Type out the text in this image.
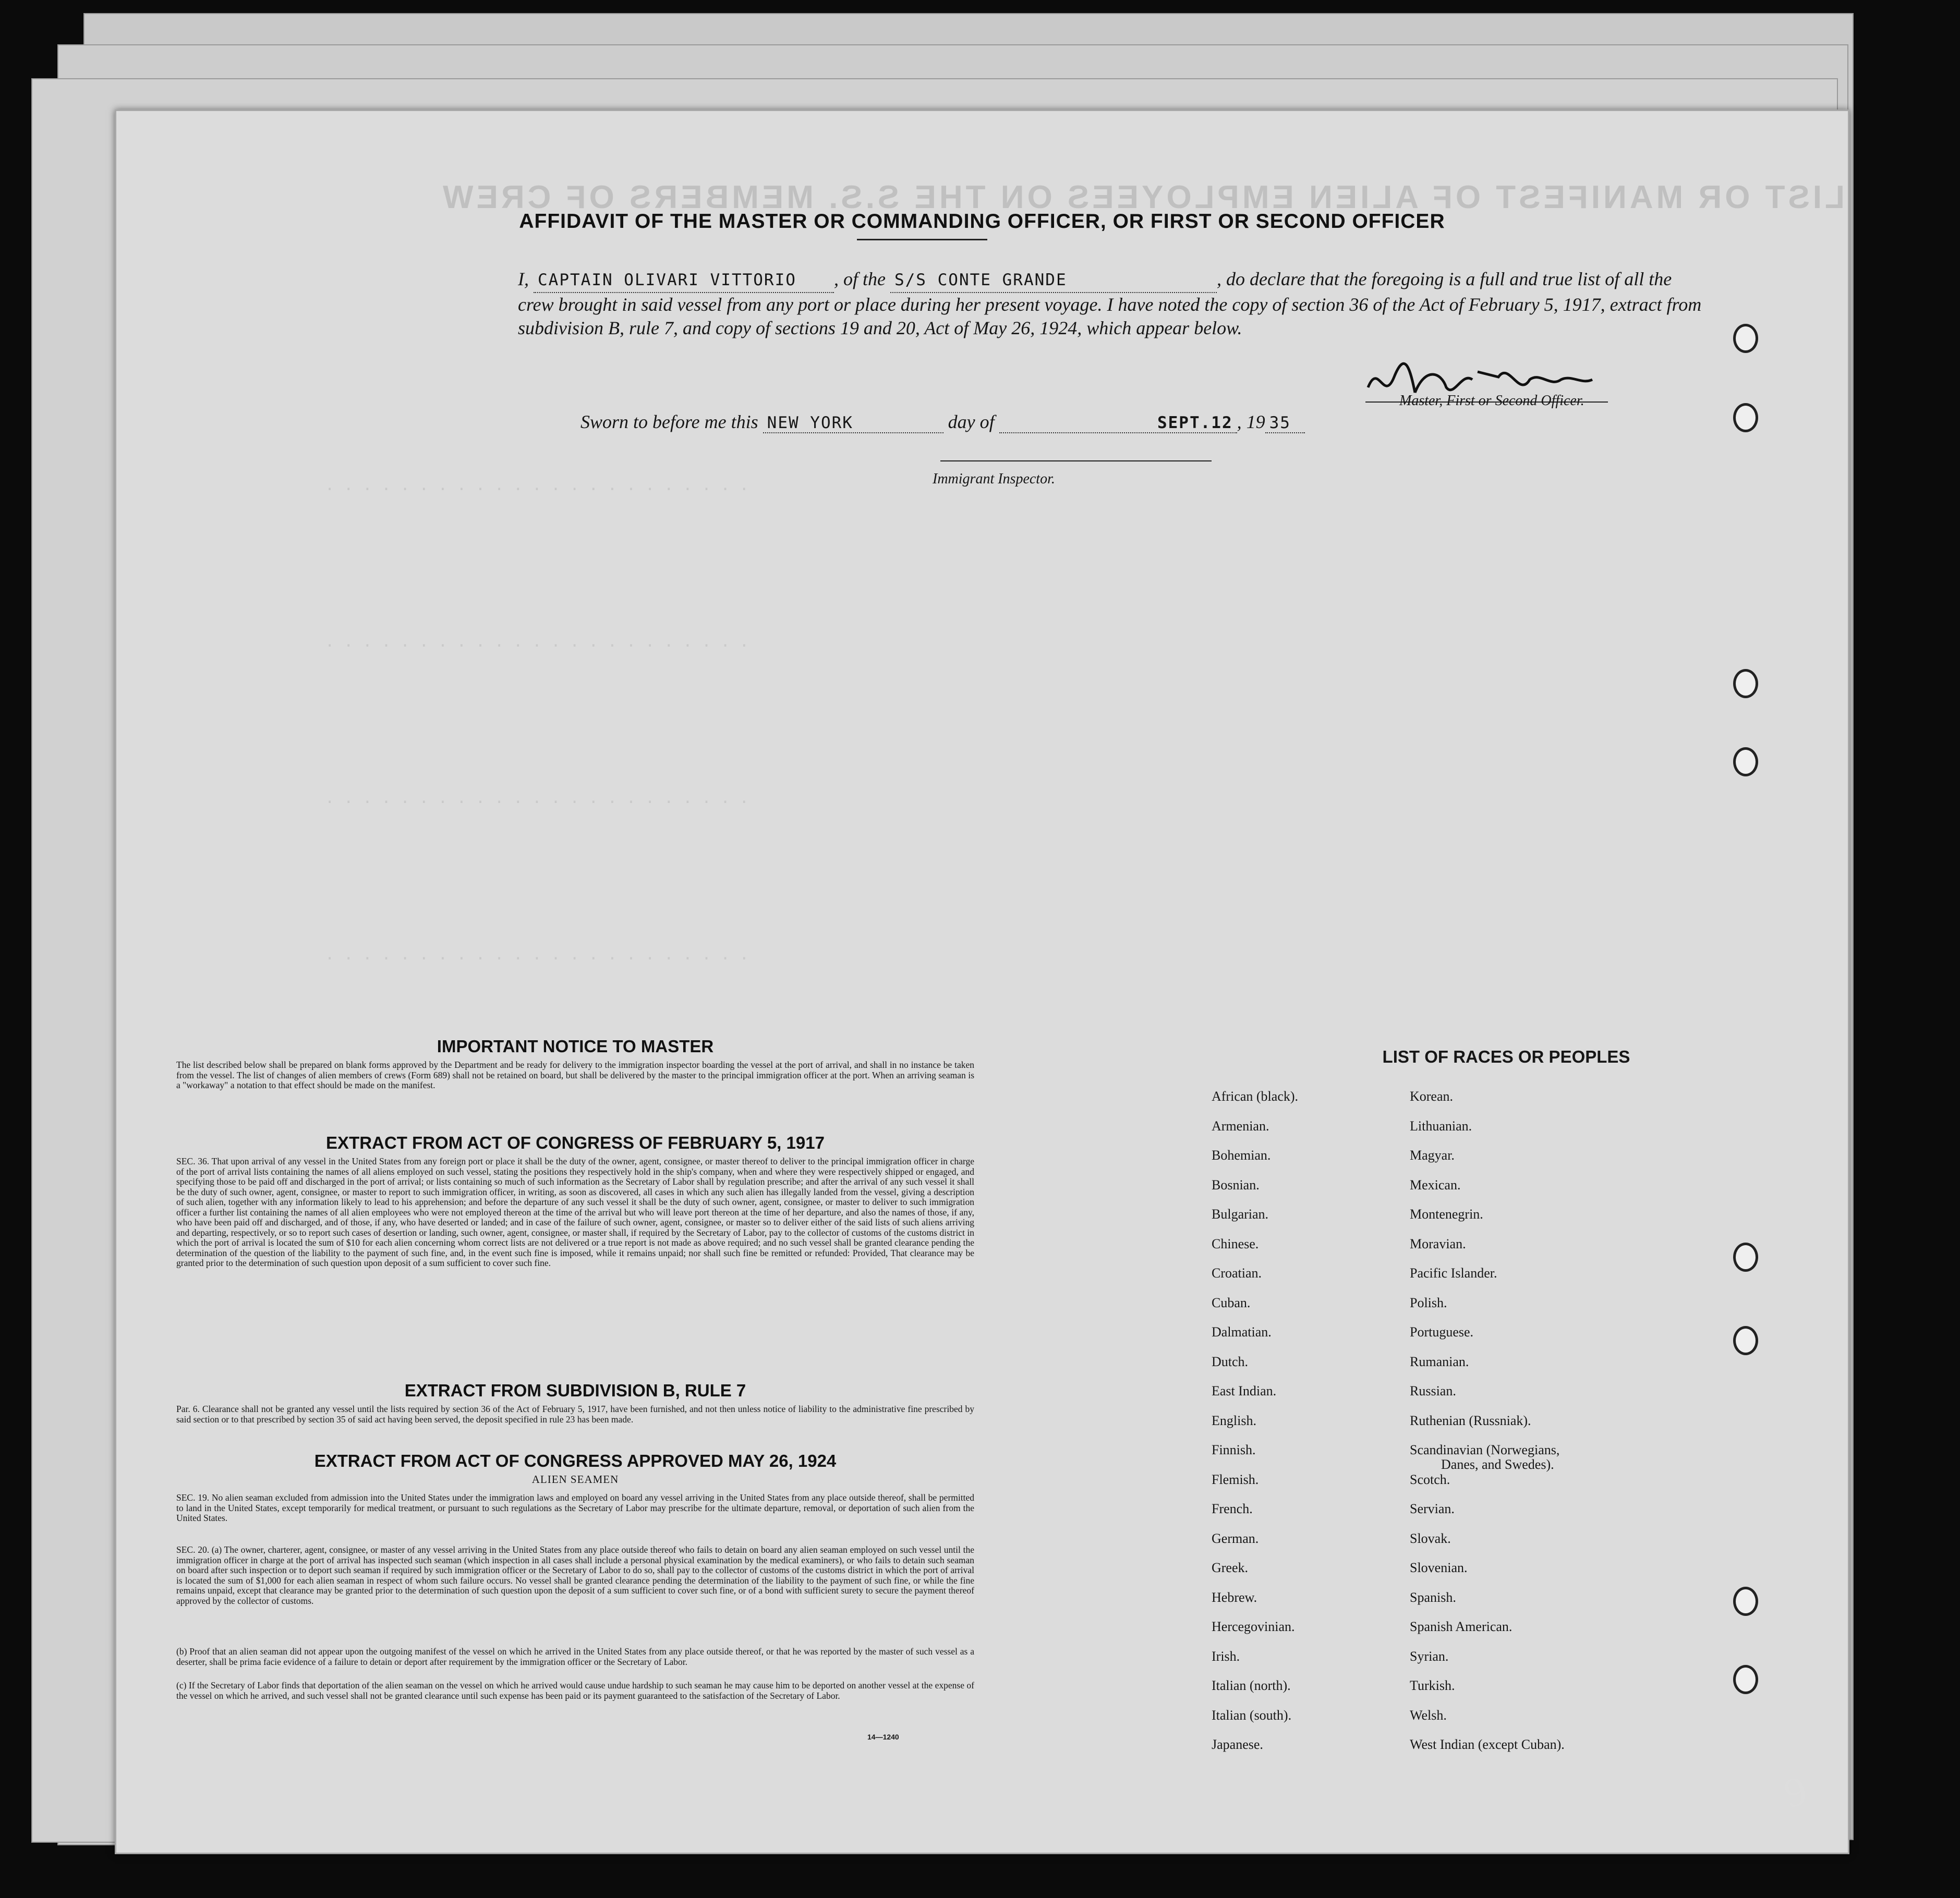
LIST OR MANIFEST OF ALIEN EMPLOYEES ON THE S.S. MEMBERS OF CREW
. . . . . . . . . . . . . . . . . . . . . . .
. . . . . . . . . . . . . . . . . . . . . . .
. . . . . . . . . . . . . . . . . . . . . . .
. . . . . . . . . . . . . . . . . . . . . . .
AFFIDAVIT OF THE MASTER OR COMMANDING OFFICER, OR FIRST OR SECOND OFFICER
I, CAPTAIN OLIVARI VITTORIO , of the S/S CONTE GRANDE	, do declare that the foregoing is a full and true list of all the crew brought in said vessel from any port or place during her present voyage. I have noted the copy of section 36 of the Act of February 5, 1917, extract from subdivision B, rule 7, and copy of sections 19 and 20, Act of May 26, 1924, which appear below.
Master, First or Second Officer.
Sworn to before me this NEW YORK	day of	SEPT.12 , 19 35
Immigrant Inspector.
IMPORTANT NOTICE TO MASTER
The list described below shall be prepared on blank forms approved by the Department and be ready for delivery to the immigration inspector boarding the vessel at the port of arrival, and shall in no instance be taken from the vessel. The list of changes of alien members of crews (Form 689) shall not be retained on board, but shall be delivered by the master to the principal immigration officer at the port. When an arriving seaman is a "workaway" a notation to that effect should be made on the manifest.
EXTRACT FROM ACT OF CONGRESS OF FEBRUARY 5, 1917
SEC. 36. That upon arrival of any vessel in the United States from any foreign port or place it shall be the duty of the owner, agent, consignee, or master thereof to deliver to the principal immigration officer in charge of the port of arrival lists containing the names of all aliens employed on such vessel, stating the positions they respectively hold in the ship's company, when and where they were respectively shipped or engaged, and specifying those to be paid off and discharged in the port of arrival; or lists containing so much of such information as the Secretary of Labor shall by regulation prescribe; and after the arrival of any such vessel it shall be the duty of such owner, agent, consignee, or master to report to such immigration officer, in writing, as soon as discovered, all cases in which any such alien has illegally landed from the vessel, giving a description of such alien, together with any information likely to lead to his apprehension; and before the departure of any such vessel it shall be the duty of such owner, agent, consignee, or master to deliver to such immigration officer a further list containing the names of all alien employees who were not employed thereon at the time of the arrival but who will leave port thereon at the time of her departure, and also the names of those, if any, who have been paid off and discharged, and of those, if any, who have deserted or landed; and in case of the failure of such owner, agent, consignee, or master so to deliver either of the said lists of such aliens arriving and departing, respectively, or so to report such cases of desertion or landing, such owner, agent, consignee, or master shall, if required by the Secretary of Labor, pay to the collector of customs of the customs district in which the port of arrival is located the sum of $10 for each alien concerning whom correct lists are not delivered or a true report is not made as above required; and no such vessel shall be granted clearance pending the determination of the question of the liability to the payment of such fine, and, in the event such fine is imposed, while it remains unpaid; nor shall such fine be remitted or refunded: Provided, That clearance may be granted prior to the determination of such question upon deposit of a sum sufficient to cover such fine.
EXTRACT FROM SUBDIVISION B, RULE 7
Par. 6. Clearance shall not be granted any vessel until the lists required by section 36 of the Act of February 5, 1917, have been furnished, and not then unless notice of liability to the administrative fine prescribed by said section or to that prescribed by section 35 of said act having been served, the deposit specified in rule 23 has been made.
EXTRACT FROM ACT OF CONGRESS APPROVED MAY 26, 1924
ALIEN SEAMEN
SEC. 19. No alien seaman excluded from admission into the United States under the immigration laws and employed on board any vessel arriving in the United States from any place outside thereof, shall be permitted to land in the United States, except temporarily for medical treatment, or pursuant to such regulations as the Secretary of Labor may prescribe for the ultimate departure, removal, or deportation of such alien from the United States.
SEC. 20. (a) The owner, charterer, agent, consignee, or master of any vessel arriving in the United States from any place outside thereof who fails to detain on board any alien seaman employed on such vessel until the immigration officer in charge at the port of arrival has inspected such seaman (which inspection in all cases shall include a personal physical examination by the medical examiners), or who fails to detain such seaman on board after such inspection or to deport such seaman if required by such immigration officer or the Secretary of Labor to do so, shall pay to the collector of customs of the customs district in which the port of arrival is located the sum of $1,000 for each alien seaman in respect of whom such failure occurs. No vessel shall be granted clearance pending the determination of the liability to the payment of such fine, or while the fine remains unpaid, except that clearance may be granted prior to the determination of such question upon the deposit of a sum sufficient to cover such fine, or of a bond with sufficient surety to secure the payment thereof approved by the collector of customs.
(b) Proof that an alien seaman did not appear upon the outgoing manifest of the vessel on which he arrived in the United States from any place outside thereof, or that he was reported by the master of such vessel as a deserter, shall be prima facie evidence of a failure to detain or deport after requirement by the immigration officer or the Secretary of Labor.
(c) If the Secretary of Labor finds that deportation of the alien seaman on the vessel on which he arrived would cause undue hardship to such seaman he may cause him to be deported on another vessel at the expense of the vessel on which he arrived, and such vessel shall not be granted clearance until such expense has been paid or its payment guaranteed to the satisfaction of the Secretary of Labor.
14—1240
LIST OF RACES OR PEOPLES
African (black).
Armenian.
Bohemian.
Bosnian.
Bulgarian.
Chinese.
Croatian.
Cuban.
Dalmatian.
Dutch.
East Indian.
English.
Finnish.
Flemish.
French.
German.
Greek.
Hebrew.
Hercegovinian.
Irish.
Italian (north).
Italian (south).
Japanese.
Korean.
Lithuanian.
Magyar.
Mexican.
Montenegrin.
Moravian.
Pacific Islander.
Polish.
Portuguese.
Rumanian.
Russian.
Ruthenian (Russniak).
Scandinavian (Norwegians,
Danes, and Swedes).
Scotch.
Servian.
Slovak.
Slovenian.
Spanish.
Spanish American.
Syrian.
Turkish.
Welsh.
West Indian (except Cuban).
9
